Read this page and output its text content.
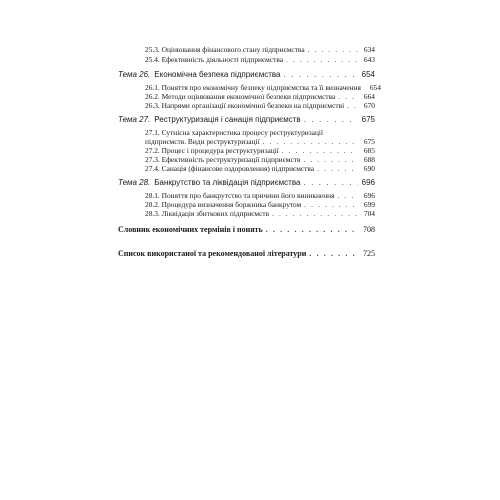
25.3. Оцінювання фінансового стану підприємства . . .	634
25.4. Ефективність діяльності підприємства . . .	643
Тема 26. Економічна безпека підприємства . . .	654
26.1. Поняття про економічну безпеку підприємства та її визначення	654
26.2. Методи оцінювання економічної безпеки підприємства . . .	664
26.3. Напрями організації економічної безпеки на підприємстві . . .	670
Тема 27. Реструктуризація і санація підприємств . . .	675
27.1. Сутнісна характеристика процесу реструктуризації
підприємств. Види реструктуризації . . .	675
27.2. Процес і процедура реструктуризації . . .	685
27.3. Ефективність реструктуризації підприємств . . .	688
27.4. Санація (фінансове оздоровлення) підприємства . . .	690
Тема 28. Банкрутство та ліквідація підприємства . . .	696
28.1. Поняття про банкрутство та причини його виникнення . . .	696
28.2. Процедура визначення боржника банкрутом . . .	699
28.3. Ліквідація збиткових підприємств . . .	704
Словник економічних термінів і понять . . .	708
Список використаної та рекомендованої літератури . . .	725
